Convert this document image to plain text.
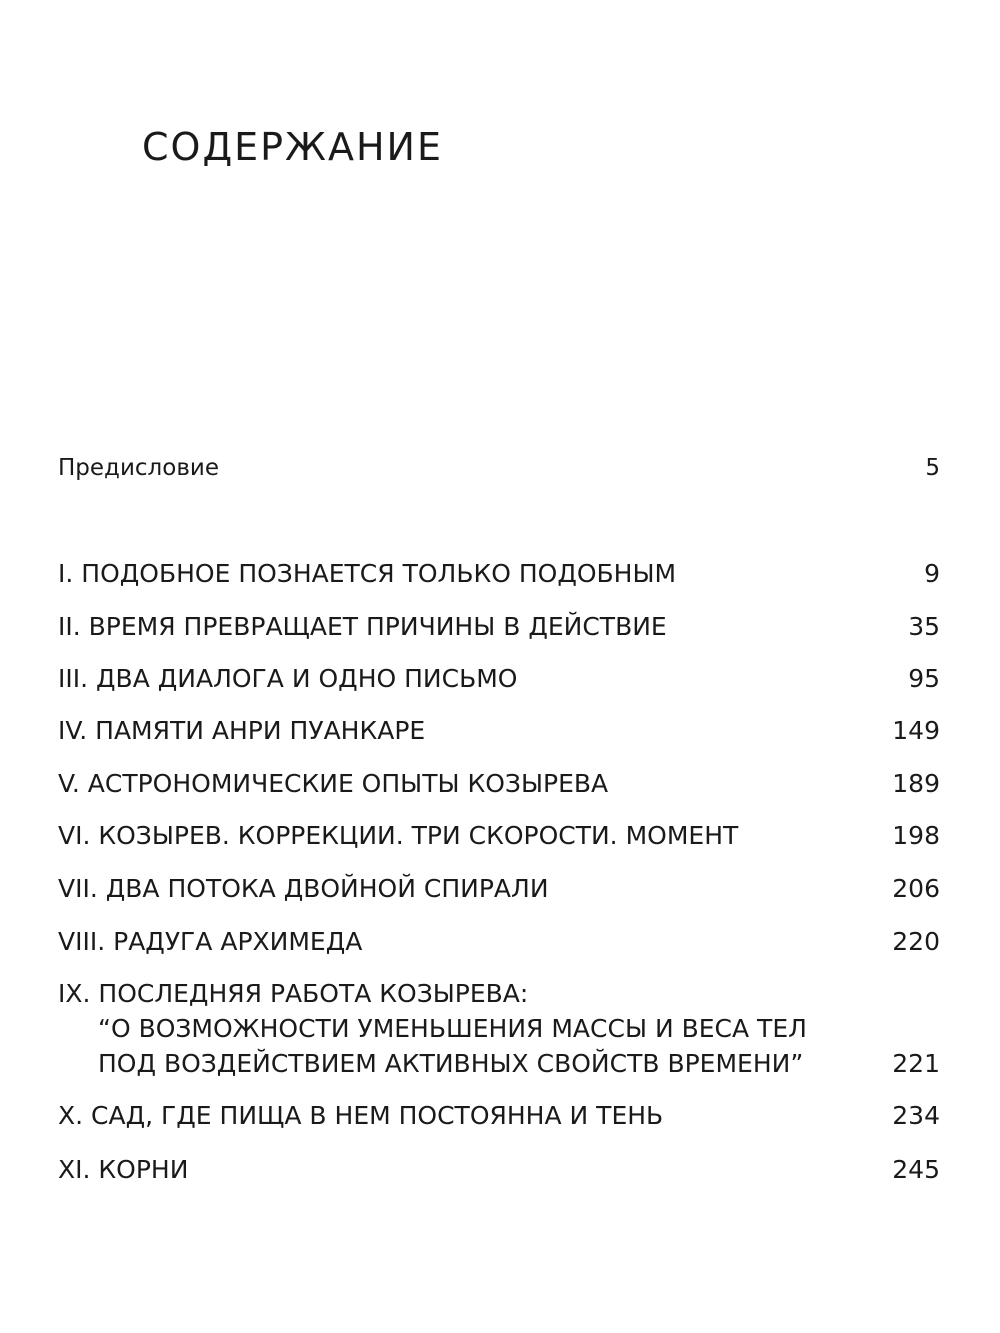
СОДЕРЖАНИЕ
Предисловие	5
I. ПОДОБНОЕ ПОЗНАЕТСЯ ТОЛЬКО ПОДОБНЫМ	9
II. ВРЕМЯ ПРЕВРАЩАЕТ ПРИЧИНЫ В ДЕЙСТВИЕ	35
III. ДВА ДИАЛОГА И ОДНО ПИСЬМО	95
IV. ПАМЯТИ АНРИ ПУАНКАРЕ	149
V. АСТРОНОМИЧЕСКИЕ ОПЫТЫ КОЗЫРЕВА	189
VI. КОЗЫРЕВ. КОРРЕКЦИИ. ТРИ СКОРОСТИ. МОМЕНТ	198
VII. ДВА ПОТОКА ДВОЙНОЙ СПИРАЛИ	206
VIII. РАДУГА АРХИМЕДА	220
IX. ПОСЛЕДНЯЯ РАБОТА КОЗЫРЕВА:
“О ВОЗМОЖНОСТИ УМЕНЬШЕНИЯ МАССЫ И ВЕСА ТЕЛ
ПОД ВОЗДЕЙСТВИЕМ АКТИВНЫХ СВОЙСТВ ВРЕМЕНИ”	221
X. САД, ГДЕ ПИЩА В НЕМ ПОСТОЯННА И ТЕНЬ	234
XI. КОРНИ	245
